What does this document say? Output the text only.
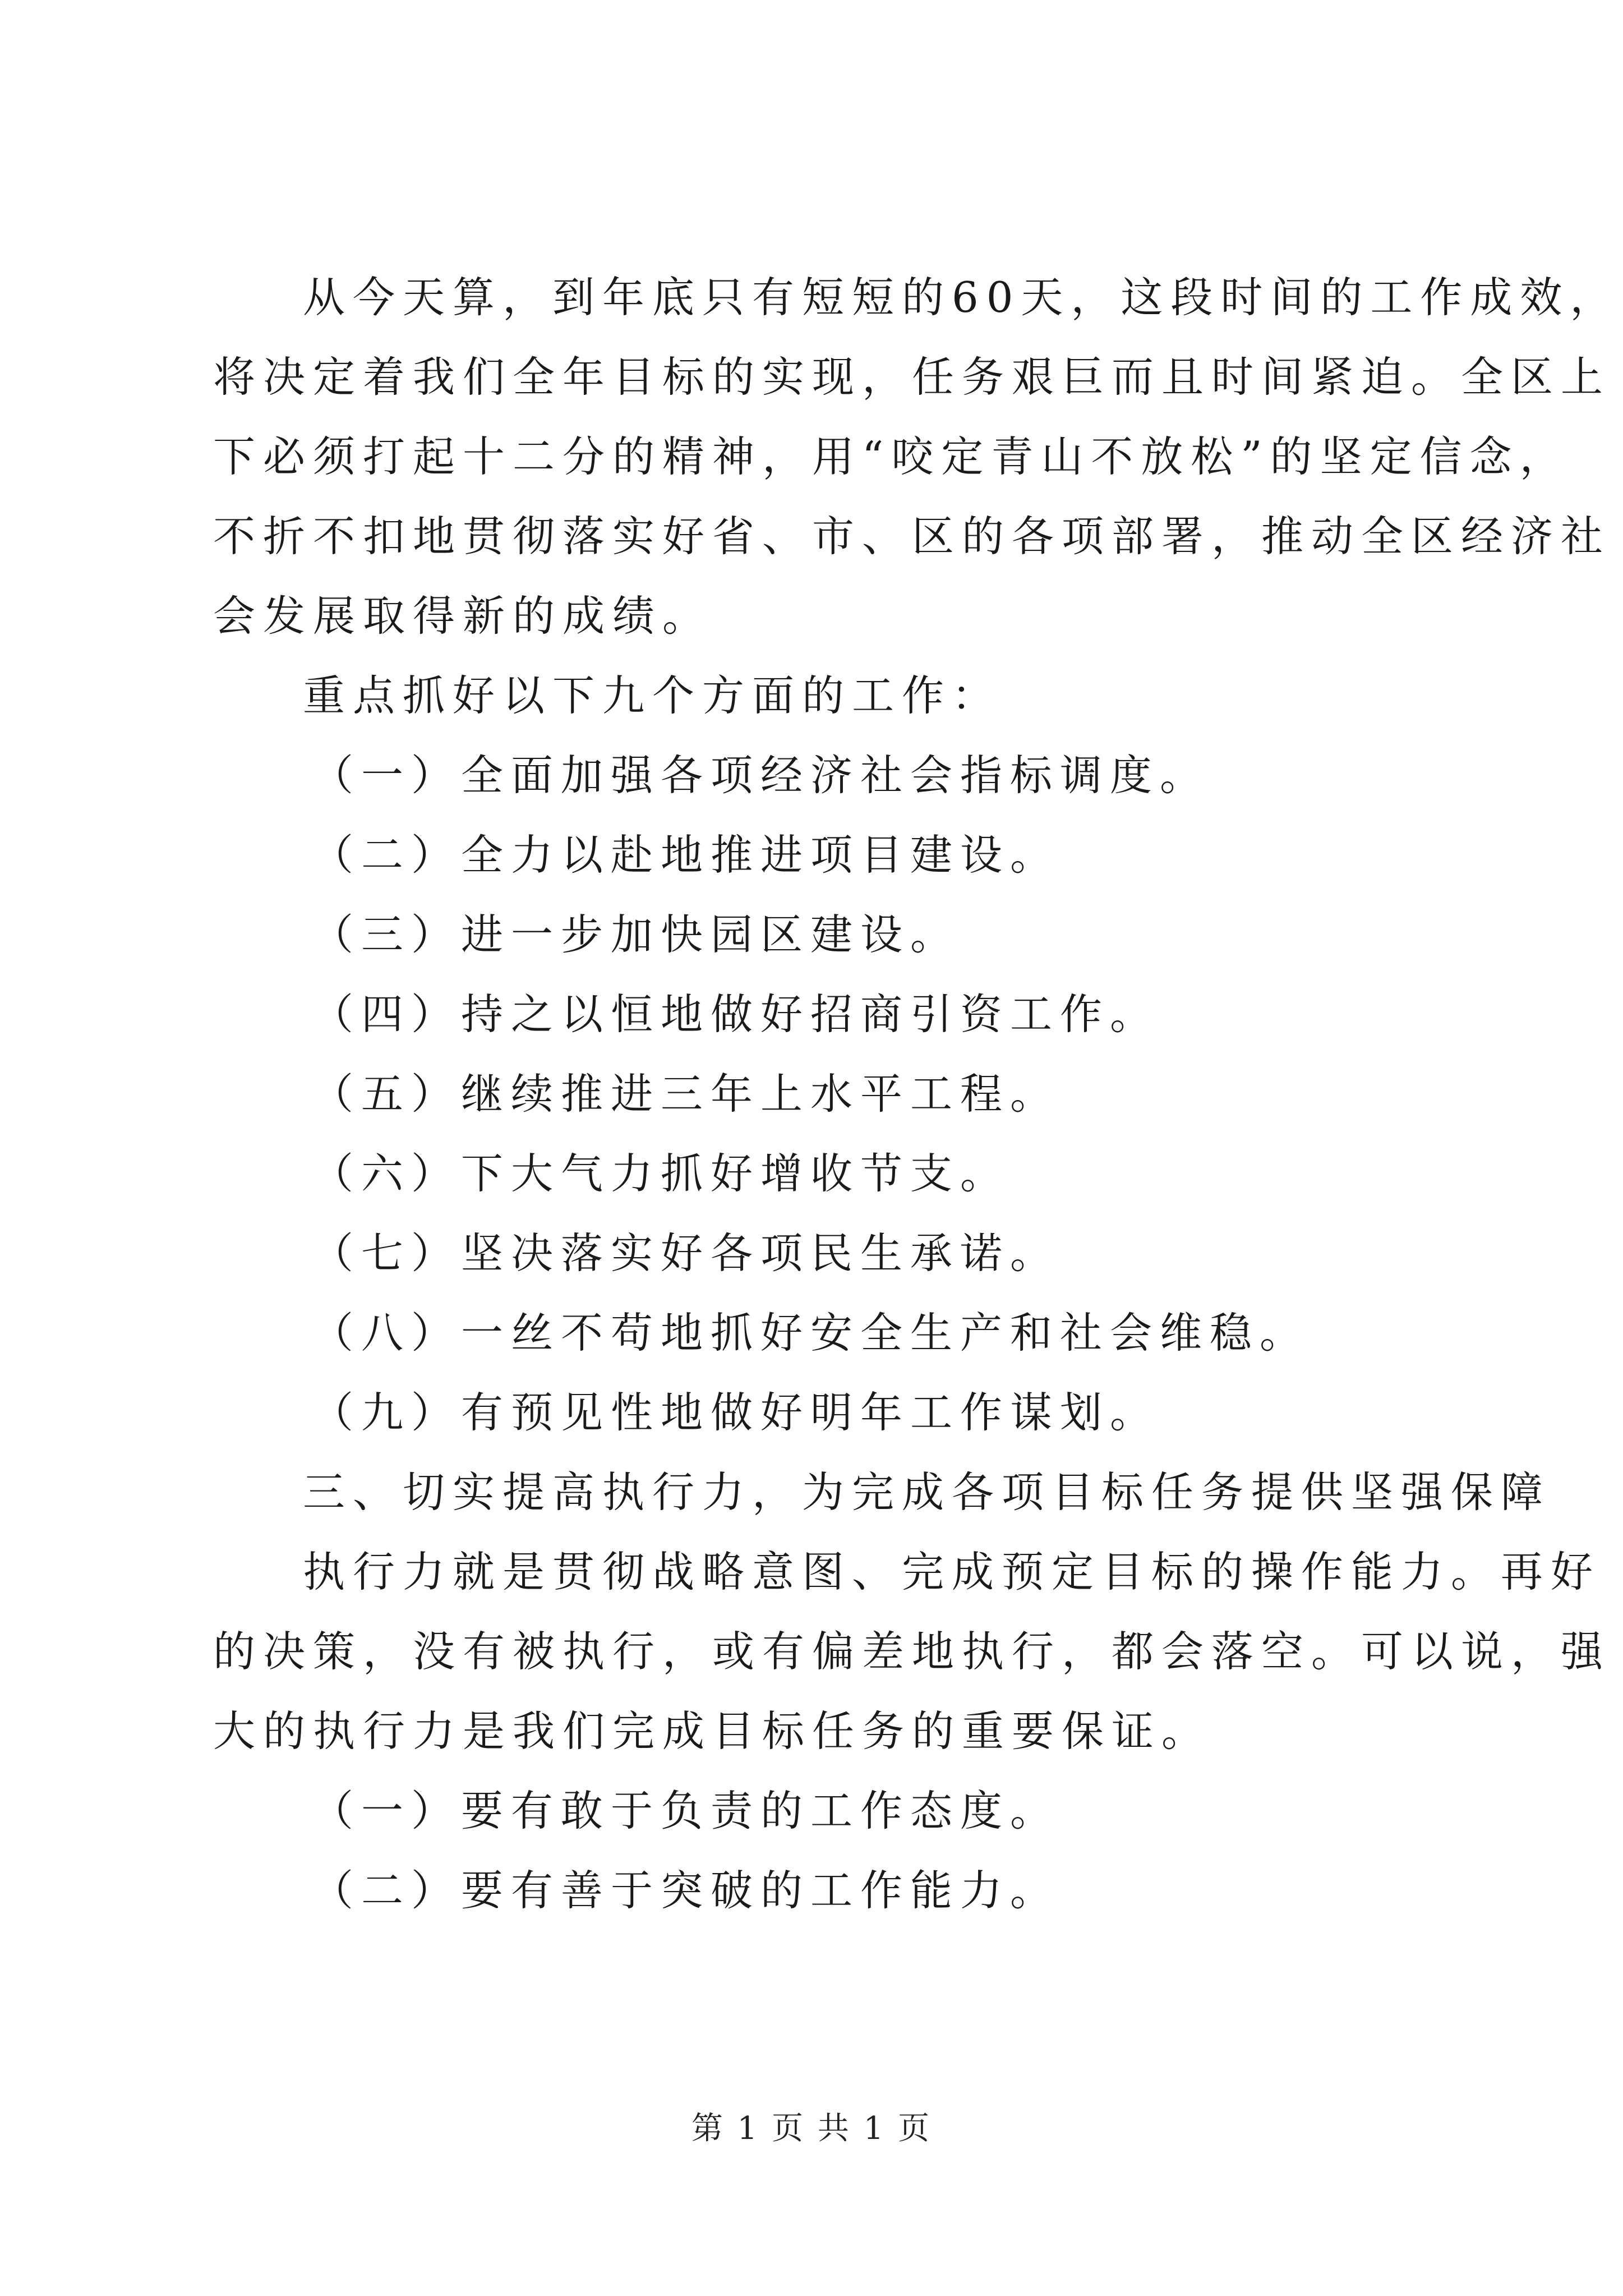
从今天算，到年底只有短短的60天，这段时间的工作成效，
将决定着我们全年目标的实现，任务艰巨而且时间紧迫。全区上
下必须打起十二分的精神，用“咬定青山不放松”的坚定信念，
不折不扣地贯彻落实好省、市、区的各项部署，推动全区经济社
会发展取得新的成绩。
重点抓好以下九个方面的工作：
（一）全面加强各项经济社会指标调度。
（二）全力以赴地推进项目建设。
（三）进一步加快园区建设。
（四）持之以恒地做好招商引资工作。
（五）继续推进三年上水平工程。
（六）下大气力抓好增收节支。
（七）坚决落实好各项民生承诺。
（八）一丝不苟地抓好安全生产和社会维稳。
（九）有预见性地做好明年工作谋划。
三、切实提高执行力，为完成各项目标任务提供坚强保障
执行力就是贯彻战略意图、完成预定目标的操作能力。再好
的决策，没有被执行，或有偏差地执行，都会落空。可以说，强
大的执行力是我们完成目标任务的重要保证。
（一）要有敢于负责的工作态度。
（二）要有善于突破的工作能力。
第 1 页 共 1 页
